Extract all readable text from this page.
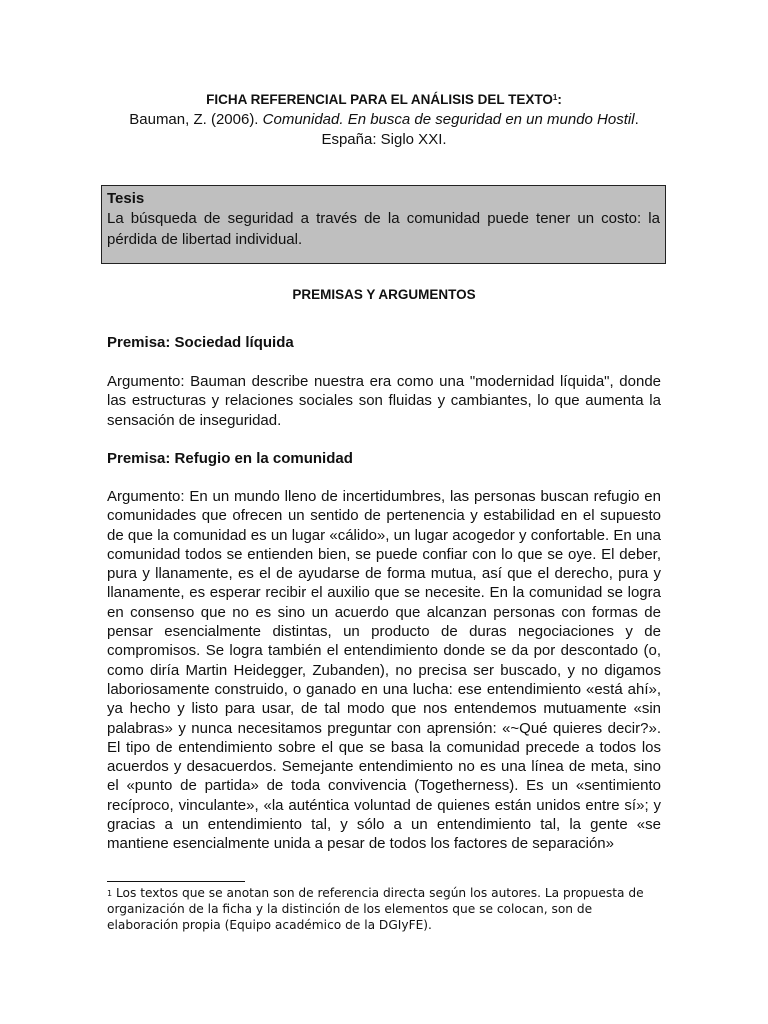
FICHA REFERENCIAL PARA EL ANÁLISIS DEL TEXTO$^1$:
Bauman, Z. (2006). Comunidad. En busca de seguridad en un mundo Hostil.
España: Siglo XXI.
Tesis
La búsqueda de seguridad a través de la comunidad puede tener un costo: la pérdida de libertad individual.
PREMISAS Y ARGUMENTOS
Premisa: Sociedad líquida
Argumento: Bauman describe nuestra era como una "modernidad líquida", donde las estructuras y relaciones sociales son fluidas y cambiantes, lo que aumenta la sensación de inseguridad.
Premisa: Refugio en la comunidad
Argumento: En un mundo lleno de incertidumbres, las personas buscan refugio en comunidades que ofrecen un sentido de pertenencia y estabilidad en el supuesto de que la comunidad es un lugar «cálido», un lugar acogedor y confortable. En una comunidad todos se entienden bien, se puede confiar con lo que se oye. El deber, pura y llanamente, es el de ayudarse de forma mutua, así que el derecho, pura y llanamente, es esperar recibir el auxilio que se necesite. En la comunidad se logra en consenso que no es sino un acuerdo que alcanzan personas con formas de pensar esencialmente distintas, un producto de duras negociaciones y de compromisos. Se logra también el entendimiento donde se da por descontado (o, como diría Martin Heidegger, Zubanden), no precisa ser buscado, y no digamos laboriosamente construido, o ganado en una lucha: ese entendimiento «está ahí», ya hecho y listo para usar, de tal modo que nos entendemos mutuamente «sin palabras» y nunca necesitamos preguntar con aprensión: «~Qué quieres decir?». El tipo de entendimiento sobre el que se basa la comunidad precede a todos los acuerdos y desacuerdos. Semejante entendimiento no es una línea de meta, sino el «punto de partida» de toda convivencia (Togetherness). Es un «sentimiento recíproco, vinculante», «la auténtica voluntad de quienes están unidos entre sí»; y gracias a un entendimiento tal, y sólo a un entendimiento tal, la gente «se mantiene esencialmente unida a pesar de todos los factores de separación»
$^1$ Los textos que se anotan son de referencia directa según los autores. La propuesta de organización de la ficha y la distinción de los elementos que se colocan, son de elaboración propia (Equipo académico de la DGIyFE).
